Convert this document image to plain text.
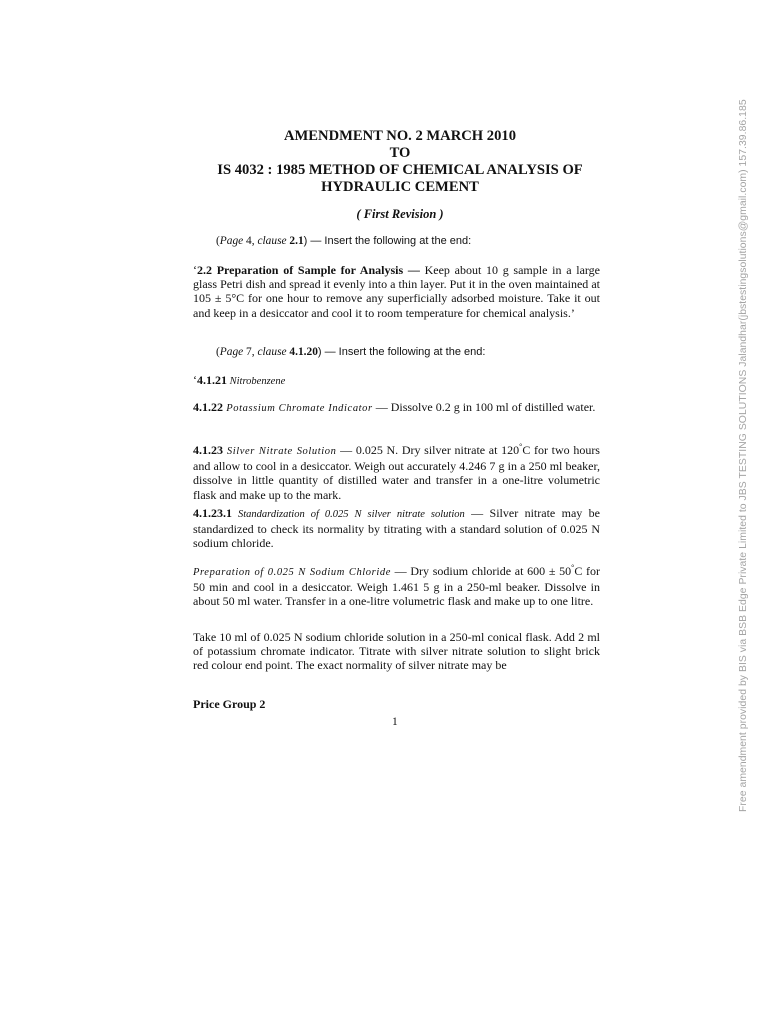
AMENDMENT NO. 2 MARCH 2010
TO
IS 4032 : 1985 METHOD OF CHEMICAL ANALYSIS OF
HYDRAULIC CEMENT
( First Revision )
(Page 4, clause 2.1) — Insert the following at the end:
‘2.2 Preparation of Sample for Analysis — Keep about 10 g sample in a large glass Petri dish and spread it evenly into a thin layer. Put it in the oven maintained at 105 ± 5°C for one hour to remove any superficially adsorbed moisture. Take it out and keep in a desiccator and cool it to room temperature for chemical analysis.’
(Page 7, clause 4.1.20) — Insert the following at the end:
‘4.1.21 Nitrobenzene
4.1.22 Potassium Chromate Indicator — Dissolve 0.2 g in 100 ml of distilled water.
4.1.23 Silver Nitrate Solution — 0.025 N. Dry silver nitrate at 120°C for two hours and allow to cool in a desiccator. Weigh out accurately 4.246 7 g in a 250 ml beaker, dissolve in little quantity of distilled water and transfer in a one-litre volumetric flask and make up to the mark.
4.1.23.1 Standardization of 0.025 N silver nitrate solution — Silver nitrate may be standardized to check its normality by titrating with a standard solution of 0.025 N sodium chloride.
Preparation of 0.025 N Sodium Chloride — Dry sodium chloride at 600 ± 50°C for 50 min and cool in a desiccator. Weigh 1.461 5 g in a 250-ml beaker. Dissolve in about 50 ml water. Transfer in a one-litre volumetric flask and make up to one litre.
Take 10 ml of 0.025 N sodium chloride solution in a 250-ml conical flask. Add 2 ml of potassium chromate indicator. Titrate with silver nitrate solution to slight brick red colour end point. The exact normality of silver nitrate may be
Price Group 2
1	Free amendment provided by BIS via BSB Edge Private Limited to JBS TESTING SOLUTIONS Jalandhar(jbstestingsolutions@gmail.com) 157.39.86.185
